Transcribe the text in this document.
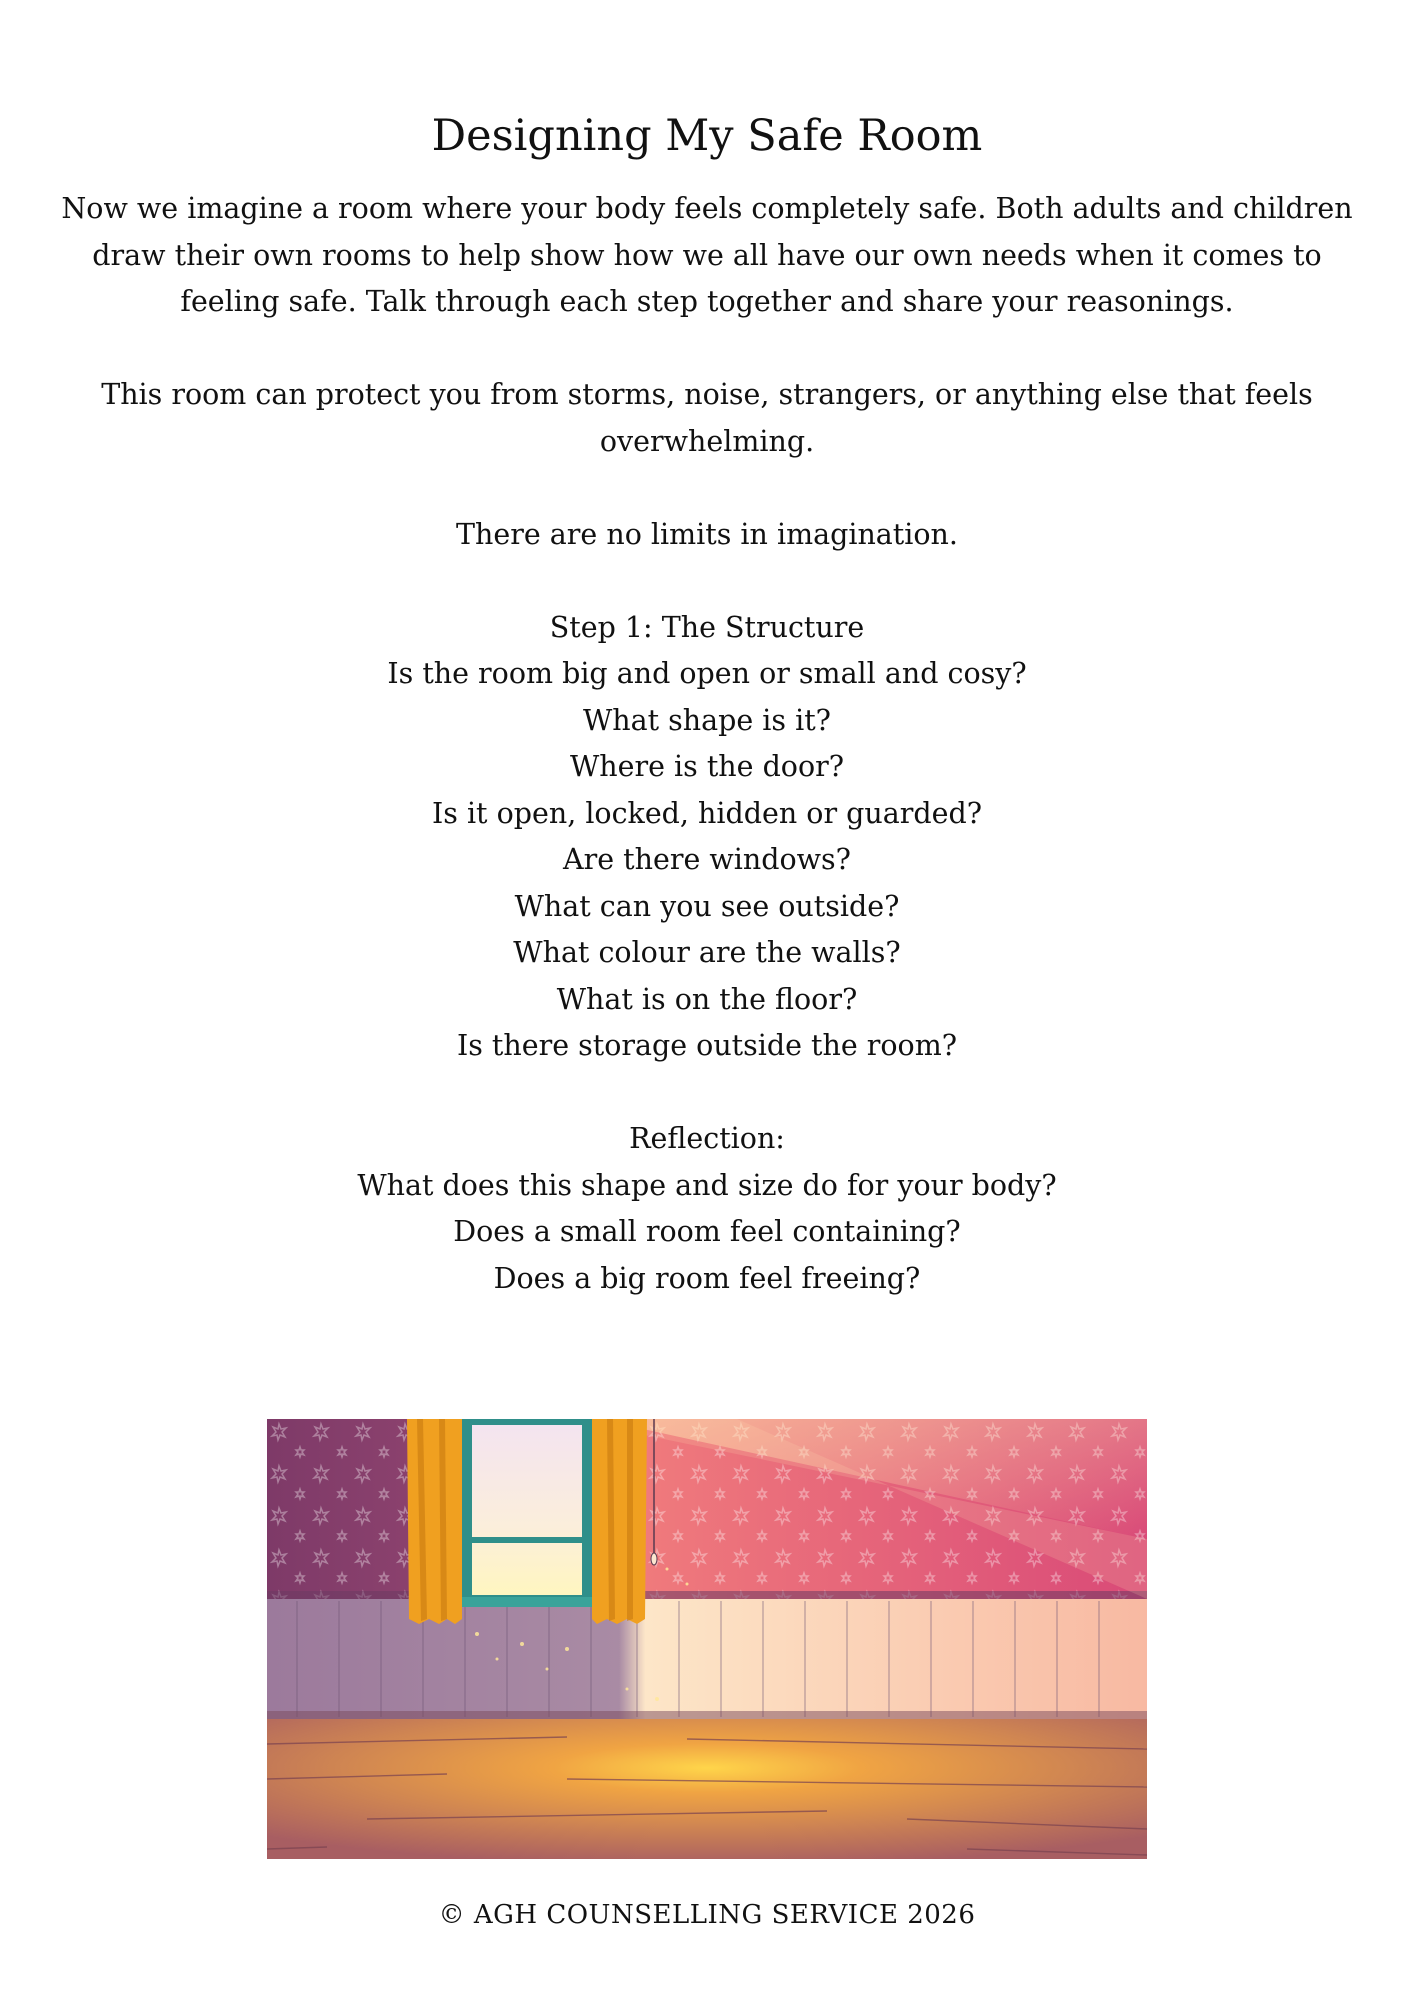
Designing My Safe Room

Now we imagine a room where your body feels completely safe. Both adults and children draw their own rooms to help show how we all have our own needs when it comes to feeling safe. Talk through each step together and share your reasonings.

This room can protect you from storms, noise, strangers, or anything else that feels overwhelming.

There are no limits in imagination.

Step 1: The Structure

Is the room big and open or small and cosy?

What shape is it?

Where is the door?

Is it open, locked, hidden or guarded?

Are there windows?

What can you see outside?

What colour are the walls?

What is on the floor?

Is there storage outside the room?

Reflection:

What does this shape and size do for your body?

Does a small room feel containing?

Does a big room feel freeing?

© AGH COUNSELLING SERVICE 2026
